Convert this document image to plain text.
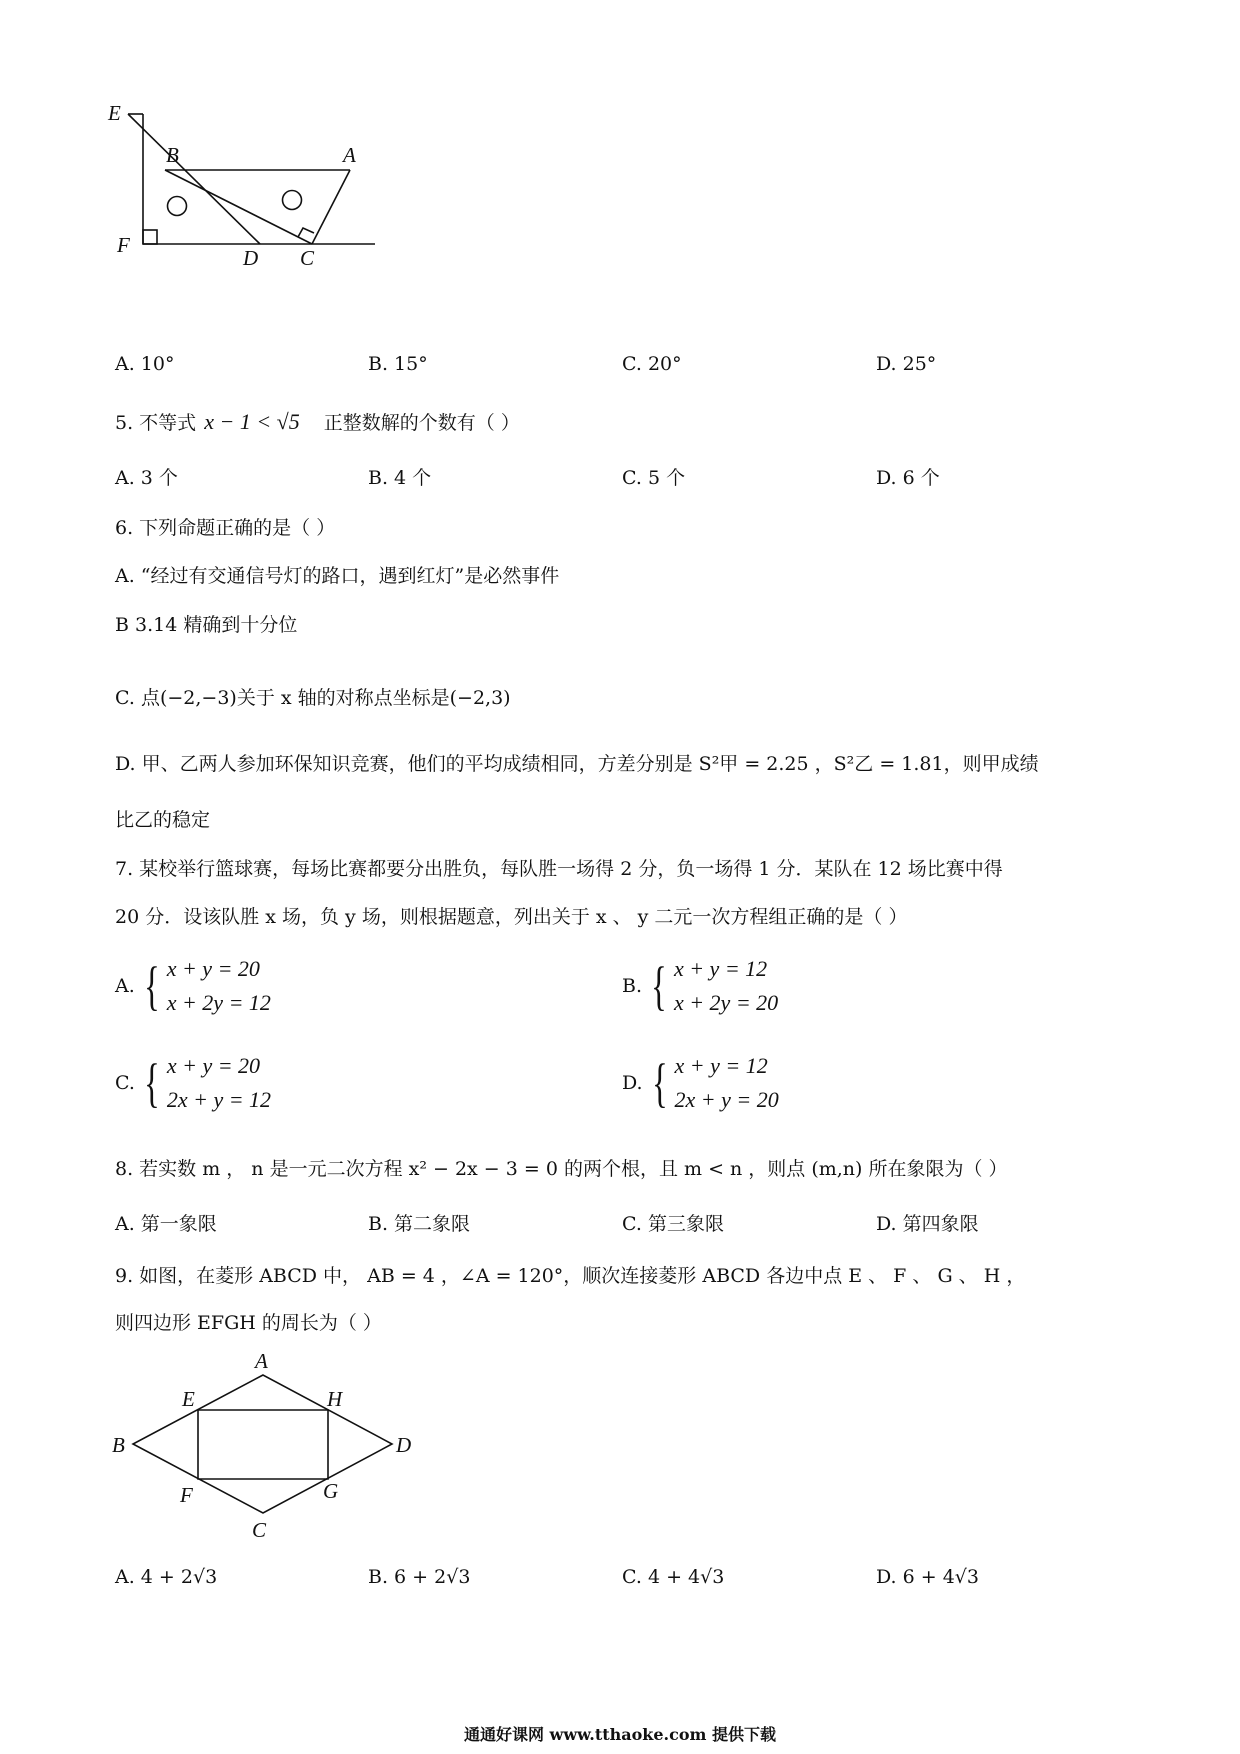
E
B	A
F
D C
A. 10°	B. 15°	C. 20°	D. 25°
5. 不等式 x − 1 < √5 正整数解的个数有（ ）
A. 3 个	B. 4 个	C. 5 个	D. 6 个
6. 下列命题正确的是（ ）
A. “经过有交通信号灯的路口，遇到红灯”是必然事件
B 3.14 精确到十分位
C. 点(−2,−3)关于 x 轴的对称点坐标是(−2,3)
D. 甲、乙两人参加环保知识竞赛，他们的平均成绩相同，方差分别是 S²甲 = 2.25 ，S²乙 = 1.81，则甲成绩
比乙的稳定
7. 某校举行篮球赛，每场比赛都要分出胜负，每队胜一场得 2 分，负一场得 1 分．某队在 12 场比赛中得
20 分．设该队胜 x 场，负 y 场，则根据题意，列出关于 x 、 y 二元一次方程组正确的是（ ）
A. { x + y = 20
x + 2y = 12
B. { x + y = 12
x + 2y = 20
C. { x + y = 20
2x + y = 12
D. { x + y = 12
2x + y = 20
8. 若实数 m ， n 是一元二次方程 x² − 2x − 3 = 0 的两个根，且 m < n ，则点 (m,n) 所在象限为（ ）
A. 第一象限	B. 第二象限	C. 第三象限	D. 第四象限
9. 如图，在菱形 ABCD 中， AB = 4 ，∠A = 120°，顺次连接菱形 ABCD 各边中点 E 、 F 、 G 、 H ，
则四边形 EFGH 的周长为（ ）
A
E	H
B	D
F	G
C
A. 4 + 2√3	B. 6 + 2√3	C. 4 + 4√3	D. 6 + 4√3
通通好课网 www.tthaoke.com 提供下载
